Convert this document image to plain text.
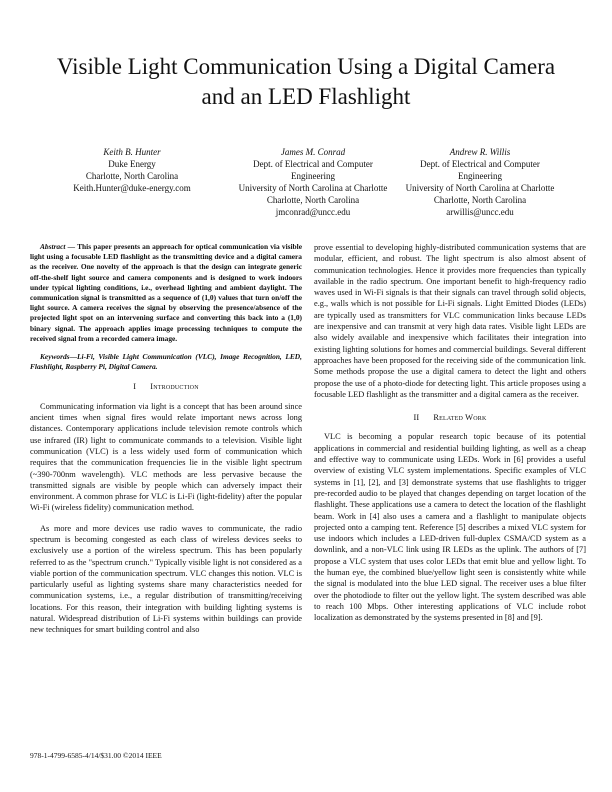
Visible Light Communication Using a Digital Camera
and an LED Flashlight
Keith B. Hunter
Duke Energy
Charlotte, North Carolina
Keith.Hunter@duke-energy.com
James M. Conrad
Dept. of Electrical and Computer
Engineering
University of North Carolina at Charlotte
Charlotte, North Carolina
jmconrad@uncc.edu
Andrew R. Willis
Dept. of Electrical and Computer
Engineering
University of North Carolina at Charlotte
Charlotte, North Carolina
arwillis@uncc.edu

Abstract — This paper presents an approach for optical communication via visible light using a focusable LED flashlight as the transmitting device and a digital camera as the receiver. One novelty of the approach is that the design can integrate generic off-the-shelf light source and camera components and is designed to work indoors under typical lighting conditions, i.e., overhead lighting and ambient daylight. The communication signal is transmitted as a sequence of (1,0) values that turn on/off the light source. A camera receives the signal by observing the presence/absence of the projected light spot on an intervening surface and converting this back into a (1,0) binary signal. The approach applies image processing techniques to compute the received signal from a recorded camera image.

Keywords—Li-Fi, Visible Light Communication (VLC), Image Recognition, LED, Flashlight, Raspberry Pi, Digital Camera.

I Introduction

Communicating information via light is a concept that has been around since ancient times when signal fires would relate important news across long distances. Contemporary applications include television remote controls which use infrared (IR) light to communicate commands to a television. Visible light communication (VLC) is a less widely used form of communication which requires that the communication frequencies lie in the visible light spectrum (~390-700nm wavelength). VLC methods are less pervasive because the transmitted signals are visible by people which can adversely impact their environment. A common phrase for VLC is Li-Fi (light-fidelity) after the popular Wi-Fi (wireless fidelity) communication method.

As more and more devices use radio waves to communicate, the radio spectrum is becoming congested as each class of wireless devices seeks to exclusively use a portion of the wireless spectrum. This has been popularly referred to as the "spectrum crunch." Typically visible light is not considered as a viable portion of the communication spectrum. VLC changes this notion. VLC is particularly useful as lighting systems share many characteristics needed for communication systems, i.e., a regular distribution of transmitting/receiving locations. For this reason, their integration with building lighting systems is natural. Widespread distribution of Li-Fi systems within buildings can provide new techniques for smart building control and also

prove essential to developing highly-distributed communication systems that are modular, efficient, and robust. The light spectrum is also almost absent of communication technologies. Hence it provides more frequencies than typically available in the radio spectrum. One important benefit to high-frequency radio waves used in Wi-Fi signals is that their signals can travel through solid objects, e.g., walls which is not possible for Li-Fi signals. Light Emitted Diodes (LEDs) are typically used as transmitters for VLC communication links because LEDs are inexpensive and can transmit at very high data rates. Visible light LEDs are also widely available and inexpensive which facilitates their integration into existing lighting solutions for homes and commercial buildings. Several different approaches have been proposed for the receiving side of the communication link. Some methods propose the use a digital camera to detect the light and others propose the use of a photo-diode for detecting light. This article proposes using a focusable LED flashlight as the transmitter and a digital camera as the receiver.

II Related Work

VLC is becoming a popular research topic because of its potential applications in commercial and residential building lighting, as well as a cheap and effective way to communicate using LEDs. Work in [6] provides a useful overview of existing VLC system implementations. Specific examples of VLC systems in [1], [2], and [3] demonstrate systems that use flashlights to trigger pre-recorded audio to be played that changes depending on target location of the flashlight. These applications use a camera to detect the location of the flashlight beam. Work in [4] also uses a camera and a flashlight to manipulate objects projected onto a camping tent. Reference [5] describes a mixed VLC system for use indoors which includes a LED-driven full-duplex CSMA/CD system as a downlink, and a non-VLC link using IR LEDs as the uplink. The authors of [7] propose a VLC system that uses color LEDs that emit blue and yellow light. To the human eye, the combined blue/yellow light seen is consistently white while the signal is modulated into the blue LED signal. The receiver uses a blue filter over the photodiode to filter out the yellow light. The system described was able to reach 100 Mbps. Other interesting applications of VLC include robot localization as demonstrated by the systems presented in [8] and [9].

978-1-4799-6585-4/14/$31.00 ©2014 IEEE
